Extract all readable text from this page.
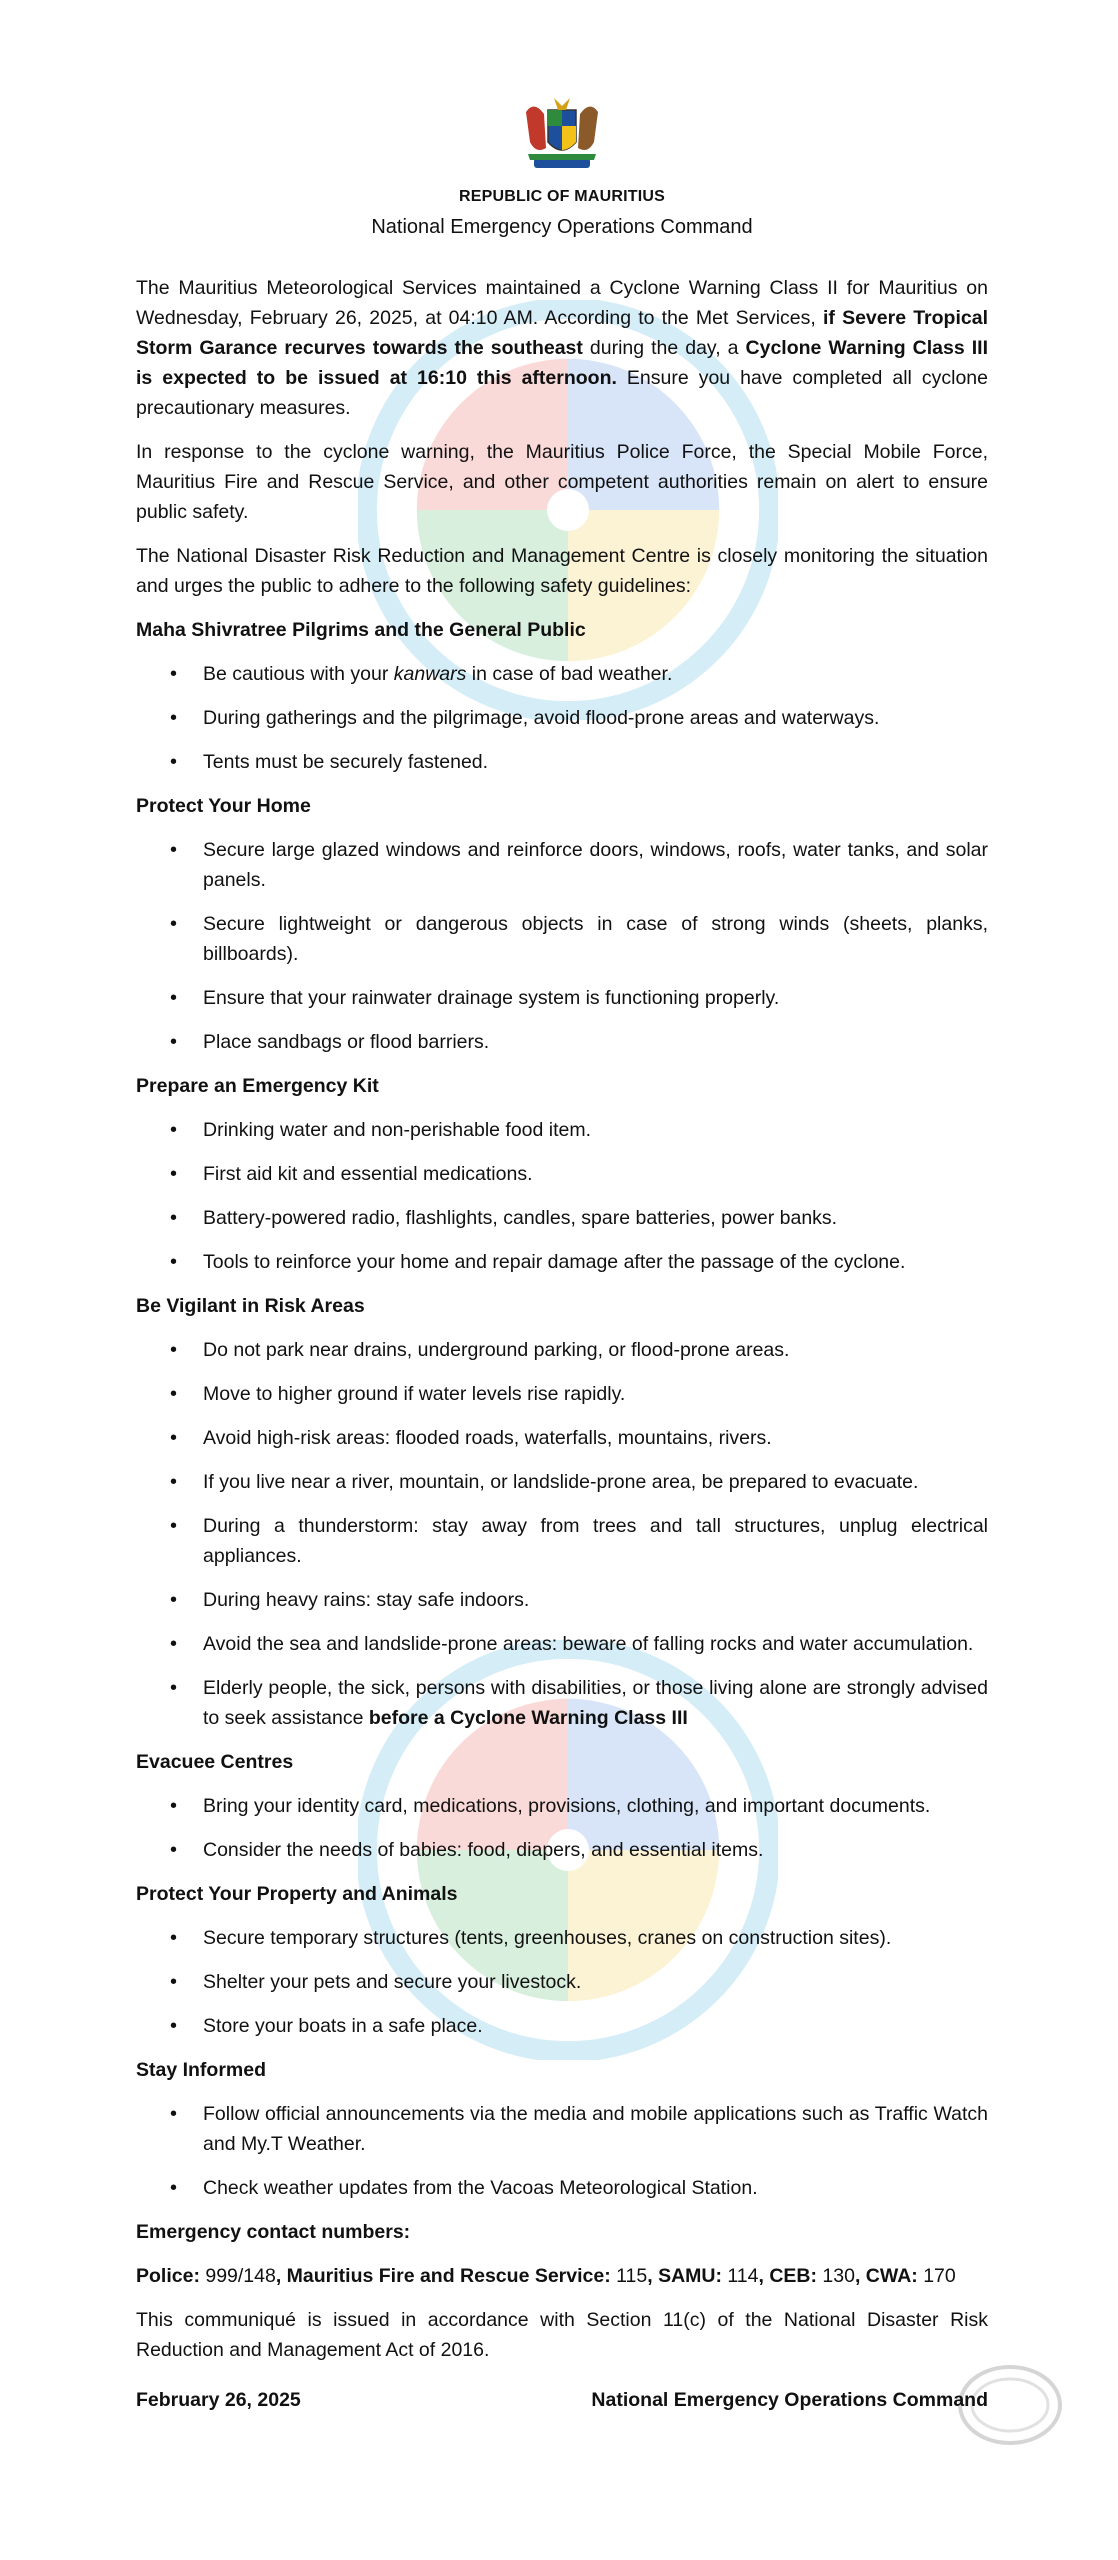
REPUBLIC OF MAURITIUS
National Emergency Operations Command

The Mauritius Meteorological Services maintained a Cyclone Warning Class II for Mauritius on Wednesday, February 26, 2025, at 04:10 AM. According to the Met Services, if Severe Tropical Storm Garance recurves towards the southeast during the day, a Cyclone Warning Class III is expected to be issued at 16:10 this afternoon. Ensure you have completed all cyclone precautionary measures.

In response to the cyclone warning, the Mauritius Police Force, the Special Mobile Force, Mauritius Fire and Rescue Service, and other competent authorities remain on alert to ensure public safety.

The National Disaster Risk Reduction and Management Centre is closely monitoring the situation and urges the public to adhere to the following safety guidelines:

Maha Shivratree Pilgrims and the General Public
• Be cautious with your kanwars in case of bad weather.
• During gatherings and the pilgrimage, avoid flood-prone areas and waterways.
• Tents must be securely fastened.
Protect Your Home
• Secure large glazed windows and reinforce doors, windows, roofs, water tanks, and solar panels.
• Secure lightweight or dangerous objects in case of strong winds (sheets, planks, billboards).
• Ensure that your rainwater drainage system is functioning properly.
• Place sandbags or flood barriers.
Prepare an Emergency Kit
• Drinking water and non-perishable food item.
• First aid kit and essential medications.
• Battery-powered radio, flashlights, candles, spare batteries, power banks.
• Tools to reinforce your home and repair damage after the passage of the cyclone.
Be Vigilant in Risk Areas
• Do not park near drains, underground parking, or flood-prone areas.
• Move to higher ground if water levels rise rapidly.
• Avoid high-risk areas: flooded roads, waterfalls, mountains, rivers.
• If you live near a river, mountain, or landslide-prone area, be prepared to evacuate.
• During a thunderstorm: stay away from trees and tall structures, unplug electrical appliances.
• During heavy rains: stay safe indoors.
• Avoid the sea and landslide-prone areas: beware of falling rocks and water accumulation.
• Elderly people, the sick, persons with disabilities, or those living alone are strongly advised to seek assistance before a Cyclone Warning Class III
Evacuee Centres
• Bring your identity card, medications, provisions, clothing, and important documents.
• Consider the needs of babies: food, diapers, and essential items.
Protect Your Property and Animals
• Secure temporary structures (tents, greenhouses, cranes on construction sites).
• Shelter your pets and secure your livestock.
• Store your boats in a safe place.
Stay Informed
• Follow official announcements via the media and mobile applications such as Traffic Watch and My.T Weather.
• Check weather updates from the Vacoas Meteorological Station.
Emergency contact numbers:

Police: 999/148, Mauritius Fire and Rescue Service: 115, SAMU: 114, CEB: 130, CWA: 170

This communiqué is issued in accordance with Section 11(c) of the National Disaster Risk Reduction and Management Act of 2016.

February 26, 2025	National Emergency Operations Command
